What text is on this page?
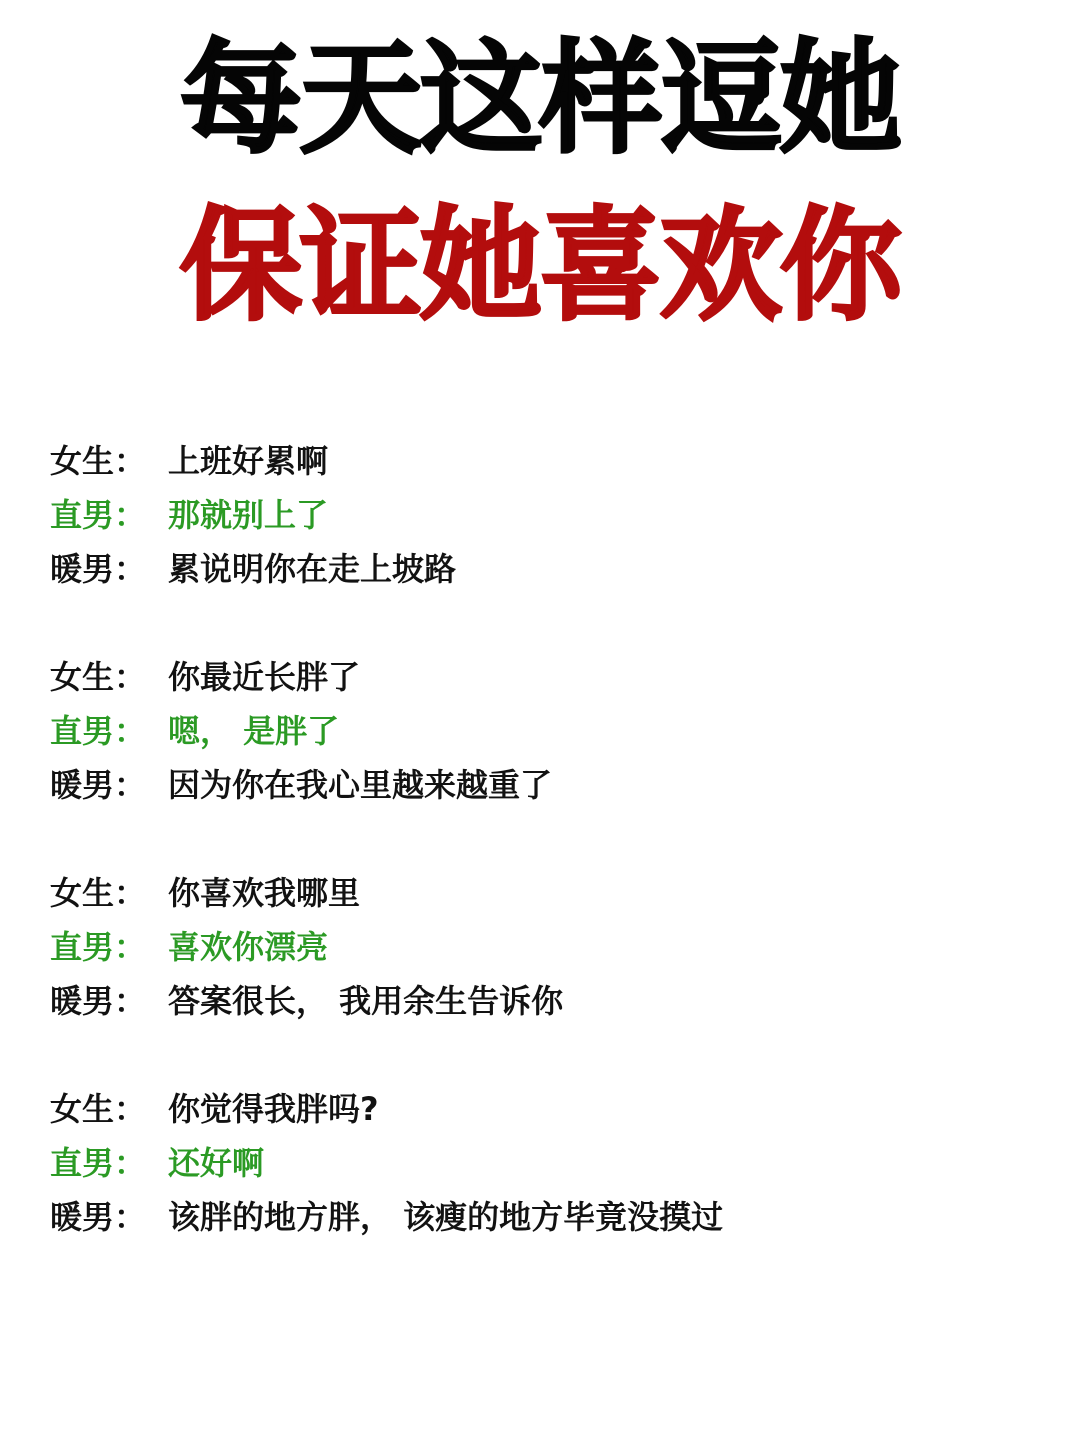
每天这样逗她
保证她喜欢你
女生： 上班好累啊
直男： 那就别上了
暖男： 累说明你在走上坡路
女生： 你最近长胖了
直男： 嗯， 是胖了
暖男： 因为你在我心里越来越重了
女生： 你喜欢我哪里
直男： 喜欢你漂亮
暖男： 答案很长， 我用余生告诉你
女生： 你觉得我胖吗?
直男： 还好啊
暖男： 该胖的地方胖， 该瘦的地方毕竟没摸过
